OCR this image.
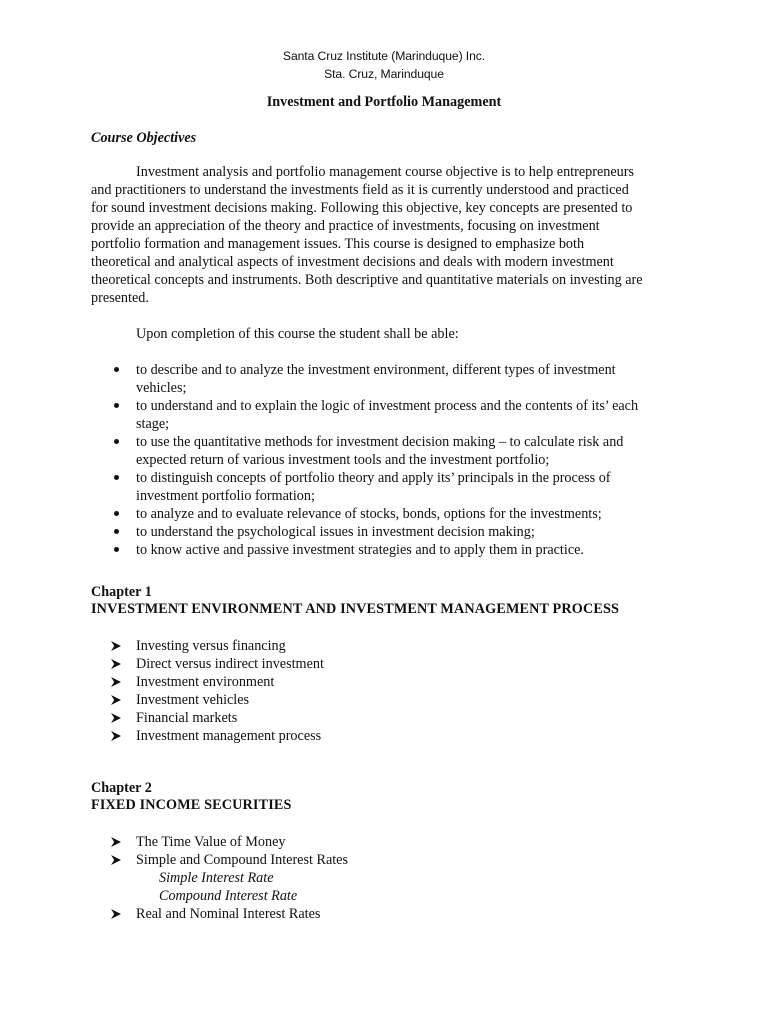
Santa Cruz Institute (Marinduque) Inc.
Sta. Cruz, Marinduque
Investment and Portfolio Management
Course Objectives
Investment analysis and portfolio management course objective is to help entrepreneurs
and practitioners to understand the investments field as it is currently understood and practiced
for sound investment decisions making. Following this objective, key concepts are presented to
provide an appreciation of the theory and practice of investments, focusing on investment
portfolio formation and management issues. This course is designed to emphasize both
theoretical and analytical aspects of investment decisions and deals with modern investment
theoretical concepts and instruments. Both descriptive and quantitative materials on investing are
presented.
Upon completion of this course the student shall be able:
to describe and to analyze the investment environment, different types of investment
vehicles;
to understand and to explain the logic of investment process and the contents of its’ each
stage;
to use the quantitative methods for investment decision making – to calculate risk and
expected return of various investment tools and the investment portfolio;
to distinguish concepts of portfolio theory and apply its’ principals in the process of
investment portfolio formation;
to analyze and to evaluate relevance of stocks, bonds, options for the investments;
to understand the psychological issues in investment decision making;
to know active and passive investment strategies and to apply them in practice.
Chapter 1
INVESTMENT ENVIRONMENT AND INVESTMENT MANAGEMENT PROCESS
Investing versus financing
Direct versus indirect investment
Investment environment
Investment vehicles
Financial markets
Investment management process
Chapter 2
FIXED INCOME SECURITIES
The Time Value of Money
Simple and Compound Interest Rates
Simple Interest Rate
Compound Interest Rate
Real and Nominal Interest Rates
